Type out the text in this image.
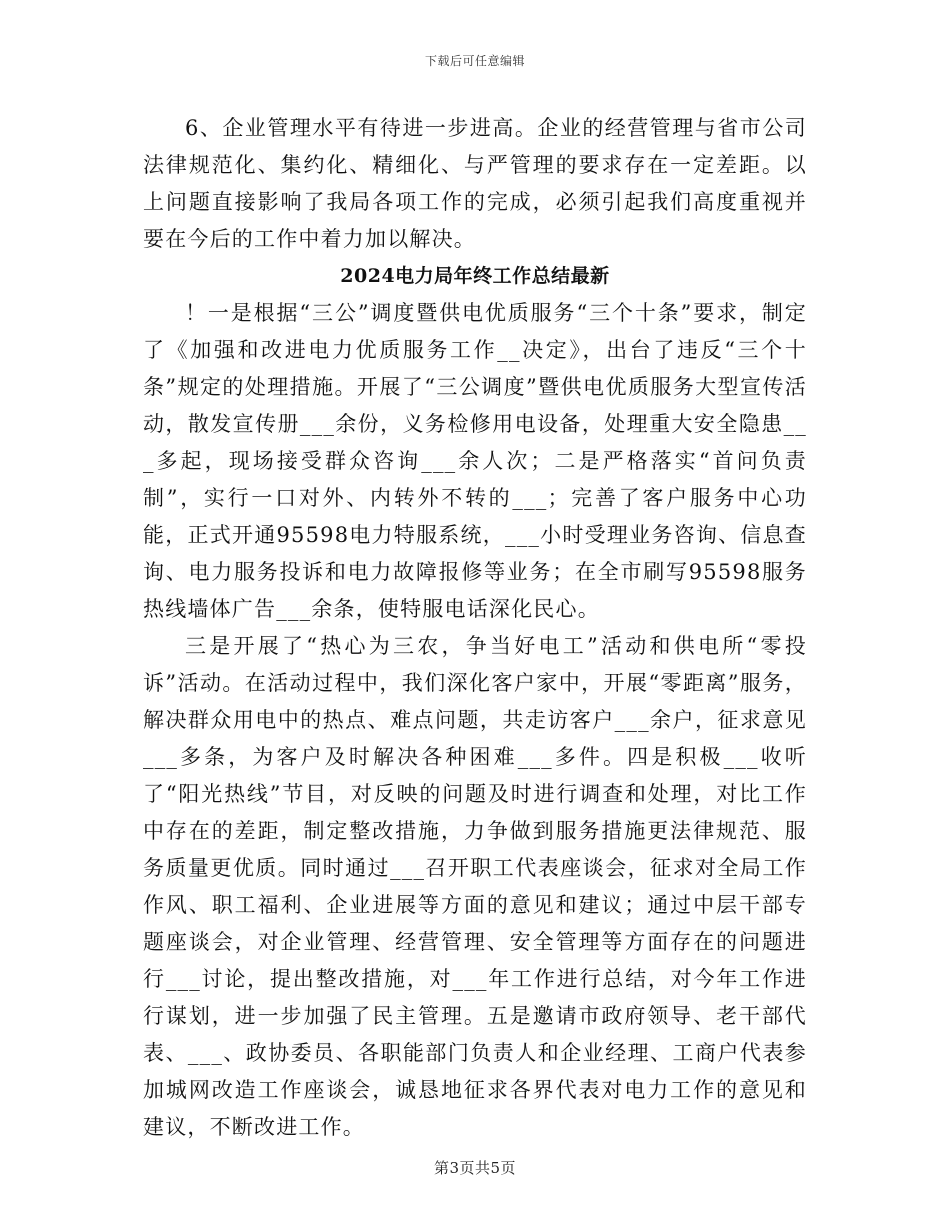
下载后可任意编辑

6、企业管理水平有待进一步进高。企业的经营管理与省市公司法律规范化、集约化、精细化、与严管理的要求存在一定差距。以上问题直接影响了我局各项工作的完成，必须引起我们高度重视并要在今后的工作中着力加以解决。

2024电力局年终工作总结最新

！一是根据“三公”调度暨供电优质服务“三个十条”要求，制定了《加强和改进电力优质服务工作__决定》，出台了违反“三个十条”规定的处理措施。开展了“三公调度”暨供电优质服务大型宣传活动，散发宣传册___余份，义务检修用电设备，处理重大安全隐患___多起，现场接受群众咨询___余人次；二是严格落实“首问负责制”，实行一口对外、内转外不转的___；完善了客户服务中心功能，正式开通95598电力特服系统，___小时受理业务咨询、信息查询、电力服务投诉和电力故障报修等业务；在全市刷写95598服务热线墙体广告___余条，使特服电话深化民心。

三是开展了“热心为三农，争当好电工”活动和供电所“零投诉”活动。在活动过程中，我们深化客户家中，开展“零距离”服务，解决群众用电中的热点、难点问题，共走访客户___余户，征求意见___多条，为客户及时解决各种困难___多件。四是积极___收听了“阳光热线”节目，对反映的问题及时进行调查和处理，对比工作中存在的差距，制定整改措施，力争做到服务措施更法律规范、服务质量更优质。同时通过___召开职工代表座谈会，征求对全局工作作风、职工福利、企业进展等方面的意见和建议；通过中层干部专题座谈会，对企业管理、经营管理、安全管理等方面存在的问题进行___讨论，提出整改措施，对___年工作进行总结，对今年工作进行谋划，进一步加强了民主管理。五是邀请市政府领导、老干部代表、___、政协委员、各职能部门负责人和企业经理、工商户代表参加城网改造工作座谈会，诚恳地征求各界代表对电力工作的意见和建议，不断改进工作。

第3页共5页
